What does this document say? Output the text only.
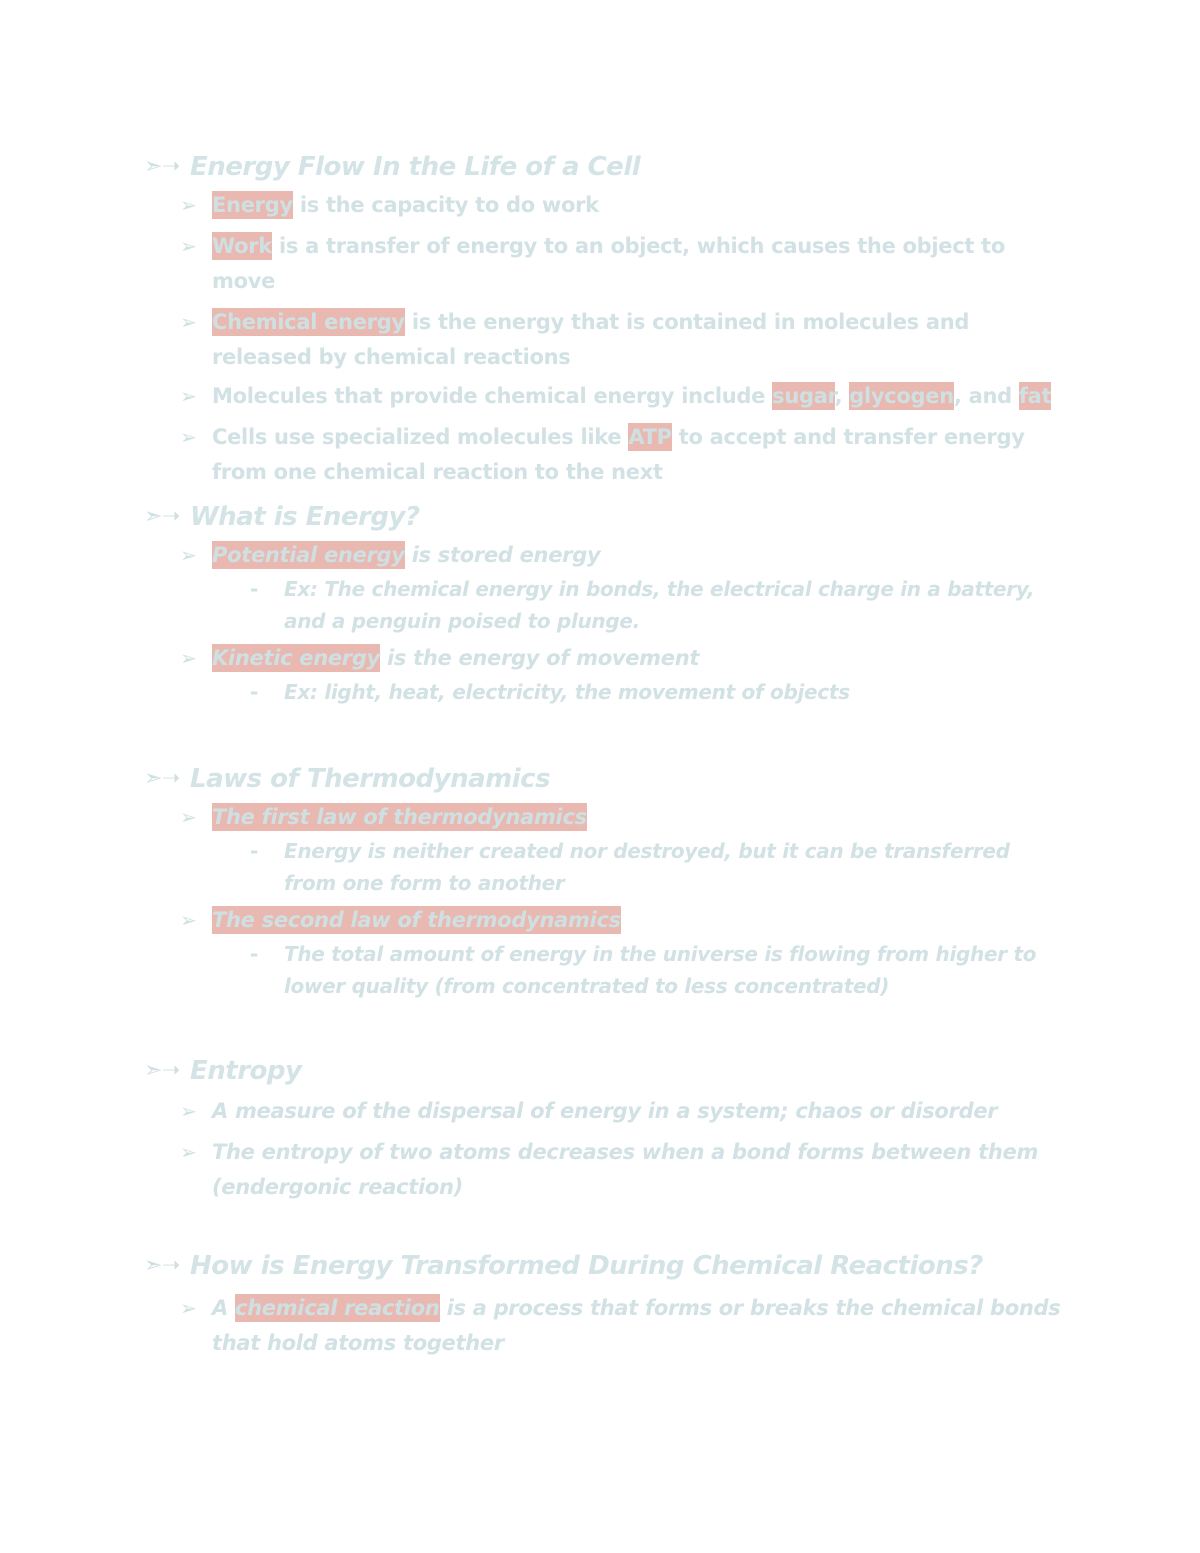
➣➝ Energy Flow In the Life of a Cell
➢ Energy is the capacity to do work
➢ Work is a transfer of energy to an object, which causes the object to move
➢ Chemical energy is the energy that is contained in molecules and released by chemical reactions
➢ Molecules that provide chemical energy include sugar, glycogen, and fat
➢ Cells use specialized molecules like ATP to accept and transfer energy from one chemical reaction to the next
➣➝ What is Energy?
➢ Potential energy is stored energy
- Ex: The chemical energy in bonds, the electrical charge in a battery, and a penguin poised to plunge.
➢ Kinetic energy is the energy of movement
- Ex: light, heat, electricity, the movement of objects
➣➝ Laws of Thermodynamics
➢ The first law of thermodynamics
- Energy is neither created nor destroyed, but it can be transferred from one form to another
➢ The second law of thermodynamics
- The total amount of energy in the universe is flowing from higher to lower quality (from concentrated to less concentrated)
➣➝ Entropy
➢ A measure of the dispersal of energy in a system; chaos or disorder
➢ The entropy of two atoms decreases when a bond forms between them (endergonic reaction)
➣➝ How is Energy Transformed During Chemical Reactions?
➢ A chemical reaction is a process that forms or breaks the chemical bonds that hold atoms together
